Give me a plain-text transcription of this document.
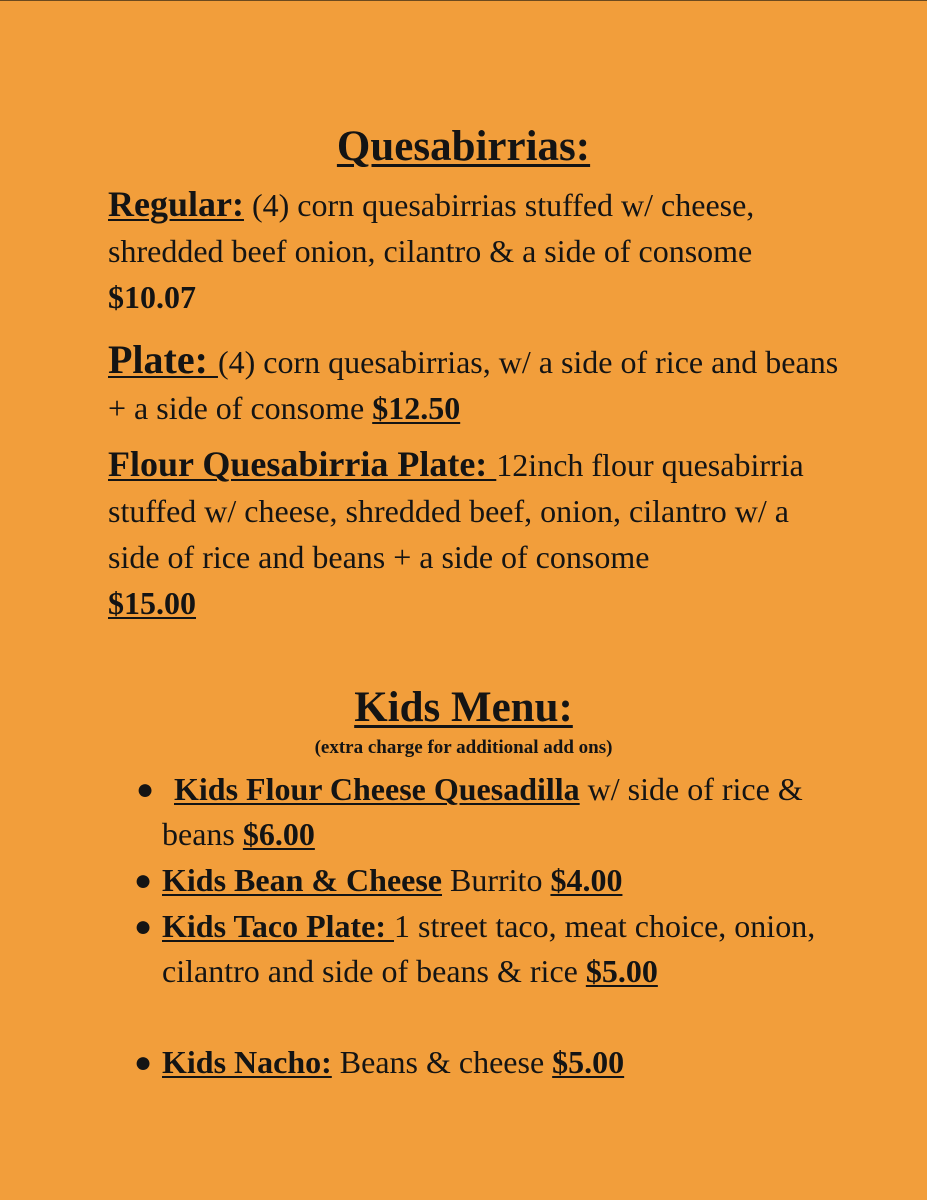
Quesabirrias:
Regular: (4) corn quesabirrias stuffed w/ cheese, shredded beef onion, cilantro & a side of consome $10.07
Plate: (4) corn quesabirrias, w/ a side of rice and beans + a side of consome $12.50
Flour Quesabirria Plate: 12inch flour quesabirria stuffed w/ cheese, shredded beef, onion, cilantro w/ a side of rice and beans + a side of consome
$15.00
Kids Menu:
(extra charge for additional add ons)
● Kids Flour Cheese Quesadilla w/ side of rice & beans $6.00
● Kids Bean & Cheese Burrito $4.00
● Kids Taco Plate: 1 street taco, meat choice, onion, cilantro and side of beans & rice $5.00
● Kids Nacho: Beans & cheese $5.00
